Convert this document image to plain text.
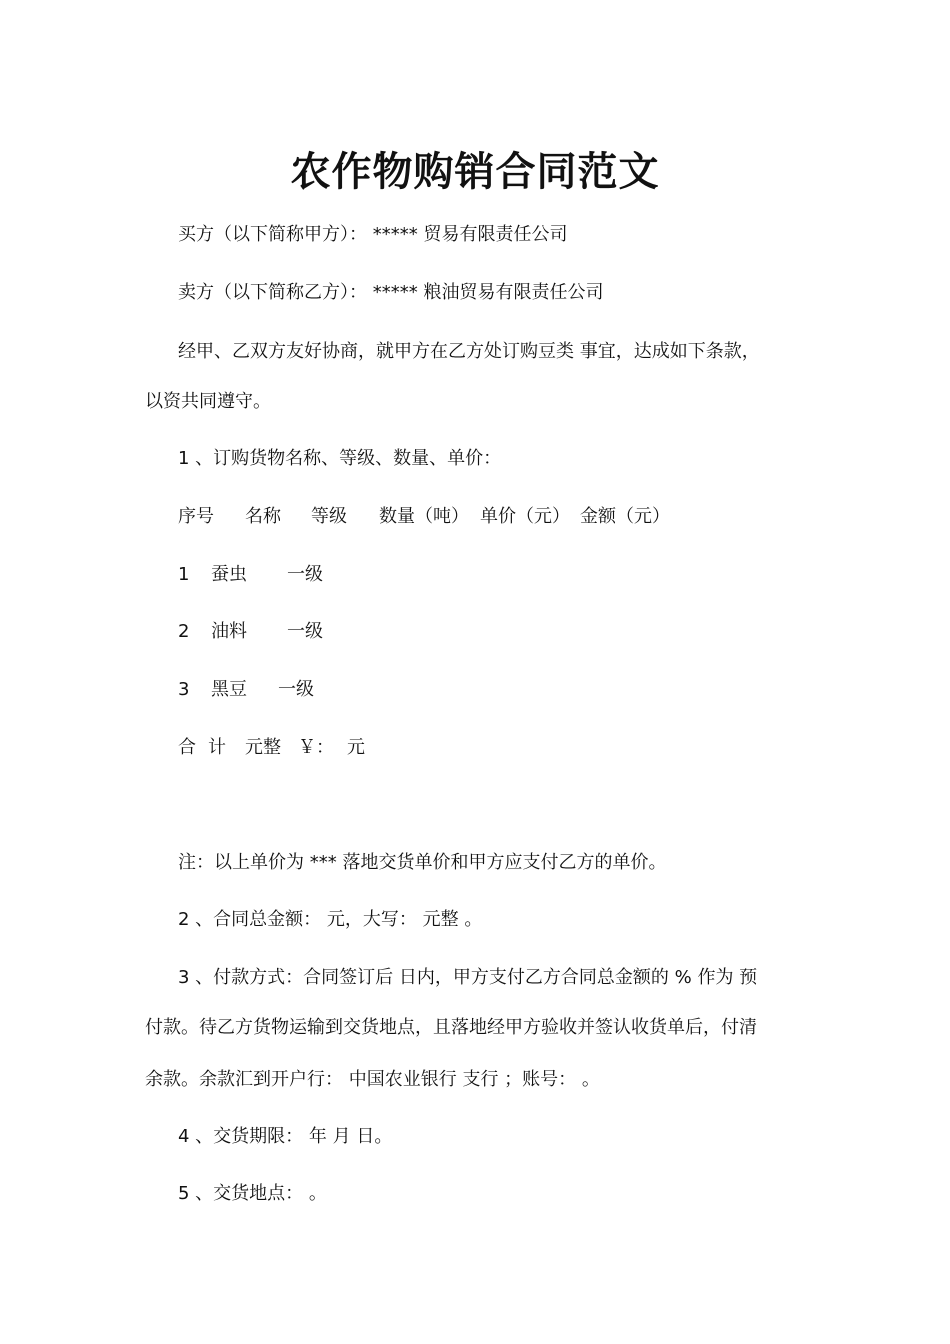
农作物购销合同范文
买方（以下简称甲方）： ***** 贸易有限责任公司
卖方（以下简称乙方）： ***** 粮油贸易有限责任公司
经甲、乙双方友好协商，就甲方在乙方处订购豆类 事宜，达成如下条款，
以资共同遵守。
1 、订购货物名称、等级、数量、单价：
序号 名称 等级 数量（吨） 单价（元） 金额（元）
1 蚕虫 一级
2 油料 一级
3 黑豆 一级
合 计 元整 ￥： 元
注：以上单价为 *** 落地交货单价和甲方应支付乙方的单价。
2 、合同总金额： 元，大写： 元整 。
3 、付款方式：合同签订后 日内，甲方支付乙方合同总金额的 % 作为 预
付款。待乙方货物运输到交货地点，且落地经甲方验收并签认收货单后，付清
余款。余款汇到开户行： 中国农业银行 支行 ；账号： 。
4 、交货期限： 年 月 日。
5 、交货地点： 。
